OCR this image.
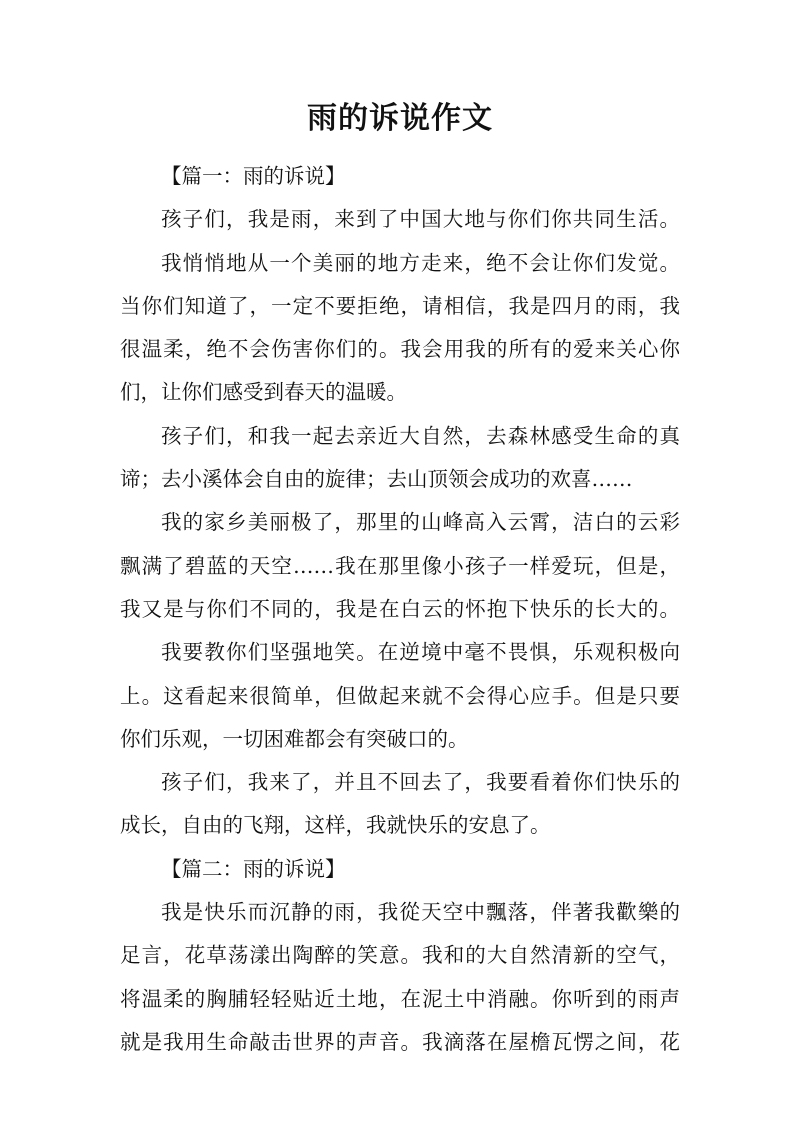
雨的诉说作文
【篇一：雨的诉说】
孩子们，我是雨，来到了中国大地与你们你共同生活。
我悄悄地从一个美丽的地方走来，绝不会让你们发觉。
当你们知道了，一定不要拒绝，请相信，我是四月的雨，我
很温柔，绝不会伤害你们的。我会用我的所有的爱来关心你
们，让你们感受到春天的温暖。
孩子们，和我一起去亲近大自然，去森林感受生命的真
谛；去小溪体会自由的旋律；去山顶领会成功的欢喜……
我的家乡美丽极了，那里的山峰高入云霄，洁白的云彩
飘满了碧蓝的天空……我在那里像小孩子一样爱玩，但是，
我又是与你们不同的，我是在白云的怀抱下快乐的长大的。
我要教你们坚强地笑。在逆境中毫不畏惧，乐观积极向
上。这看起来很简单，但做起来就不会得心应手。但是只要
你们乐观，一切困难都会有突破口的。
孩子们，我来了，并且不回去了，我要看着你们快乐的
成长，自由的飞翔，这样，我就快乐的安息了。
【篇二：雨的诉说】
我是快乐而沉静的雨，我從天空中飄落，伴著我歡樂的
足言，花草荡漾出陶醉的笑意。我和的大自然清新的空气，
将温柔的胸脯轻轻贴近土地，在泥土中消融。你听到的雨声
就是我用生命敲击世界的声音。我滴落在屋檐瓦愣之间，花
